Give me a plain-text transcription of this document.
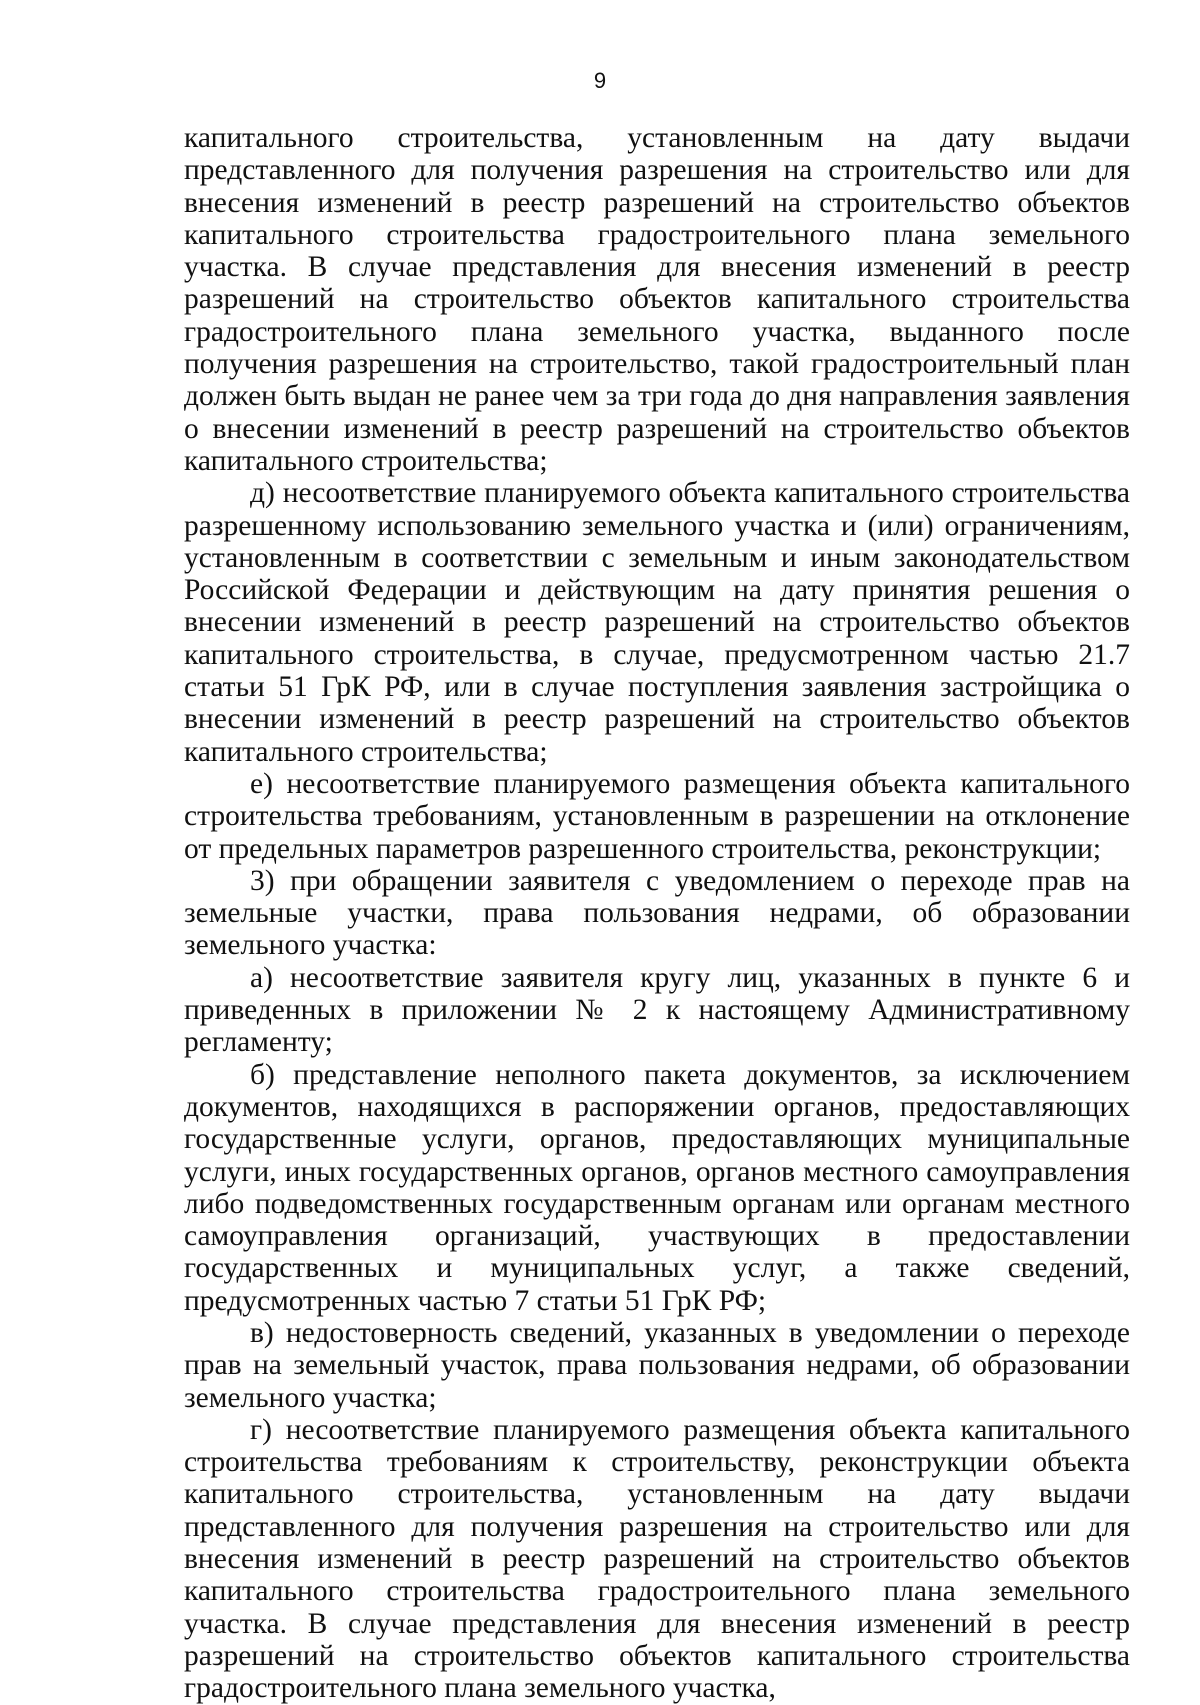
9

капитального строительства, установленным на дату выдачи представленного для получения разрешения на строительство или для внесения изменений в реестр разрешений на строительство объектов капитального строительства градостроительного плана земельного участка. В случае представления для внесения изменений в реестр разрешений на строительство объектов капитального строительства градостроительного плана земельного участка, выданного после получения разрешения на строительство, такой градостроительный план должен быть выдан не ранее чем за три года до дня направления заявления о внесении изменений в реестр разрешений на строительство объектов капитального строительства;

д) несоответствие планируемого объекта капитального строительства разрешенному использованию земельного участка и (или) ограничениям, установленным в соответствии с земельным и иным законодательством Российской Федерации и действующим на дату принятия решения о внесении изменений в реестр разрешений на строительство объектов капитального строительства, в случае, предусмотренном частью 21.7 статьи 51 ГрК РФ, или в случае поступления заявления застройщика о внесении изменений в реестр разрешений на строительство объектов капитального строительства;

е) несоответствие планируемого размещения объекта капитального строительства требованиям, установленным в разрешении на отклонение от предельных параметров разрешенного строительства, реконструкции;

3) при обращении заявителя с уведомлением о переходе прав на земельные участки, права пользования недрами, об образовании земельного участка:

а) несоответствие заявителя кругу лиц, указанных в пункте 6 и приведенных в приложении № 2 к настоящему Административному регламенту;

б) представление неполного пакета документов, за исключением документов, находящихся в распоряжении органов, предоставляющих государственные услуги, органов, предоставляющих муниципальные услуги, иных государственных органов, органов местного самоуправления либо подведомственных государственным органам или органам местного самоуправления организаций, участвующих в предоставлении государственных и муниципальных услуг, а также сведений, предусмотренных частью 7 статьи 51 ГрК РФ;

в) недостоверность сведений, указанных в уведомлении о переходе прав на земельный участок, права пользования недрами, об образовании земельного участка;

г) несоответствие планируемого размещения объекта капитального строительства требованиям к строительству, реконструкции объекта капитального строительства, установленным на дату выдачи представленного для получения разрешения на строительство или для внесения изменений в реестр разрешений на строительство объектов капитального строительства градостроительного плана земельного участка. В случае представления для внесения изменений в реестр разрешений на строительство объектов капитального строительства градостроительного плана земельного участка,
